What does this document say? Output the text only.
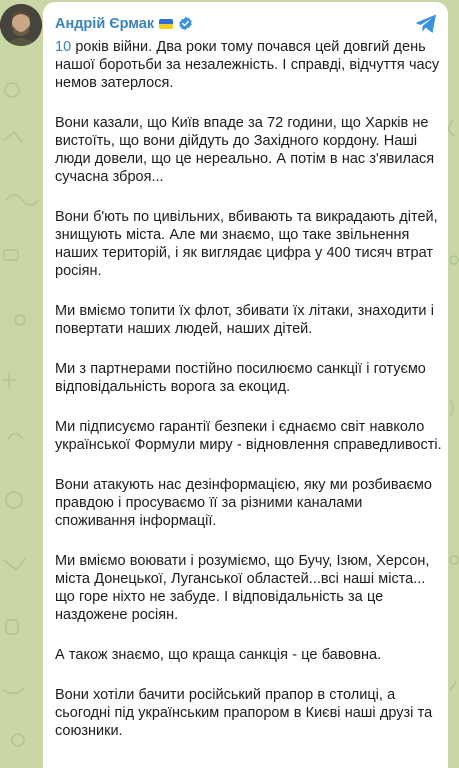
Андрій Єрмак

10 років війни. Два роки тому почався цей довгий день нашої боротьби за незалежність. І справді, відчуття часу немов затерлося.

Вони казали, що Київ впаде за 72 години, що Харків не вистоїть, що вони дійдуть до Західного кордону. Наші люди довели, що це нереально. А потім в нас з'явилася сучасна зброя...

Вони б'ють по цивільних, вбивають та викрадають дітей, знищують міста. Але ми знаємо, що таке звільнення наших територій, і як виглядає цифра у 400 тисяч втрат росіян.

Ми вміємо топити їх флот, збивати їх літаки, знаходити і повертати наших людей, наших дітей.

Ми з партнерами постійно посилюємо санкції і готуємо відповідальність ворога за екоцид.

Ми підписуємо гарантії безпеки і єднаємо світ навколо української Формули миру - відновлення справедливості.

Вони атакують нас дезінформацією, яку ми розбиваємо правдою і просуваємо її за різними каналами споживання інформації.

Ми вміємо воювати і розуміємо, що Бучу, Ізюм, Херсон, міста Донецької, Луганської областей...всі наші міста... що горе ніхто не забуде. І відповідальність за це наздожене росіян.

А також знаємо, що краща санкція - це бавовна.

Вони хотіли бачити російський прапор в столиці, а сьогодні під українським прапором в Києві наші друзі та союзники.
